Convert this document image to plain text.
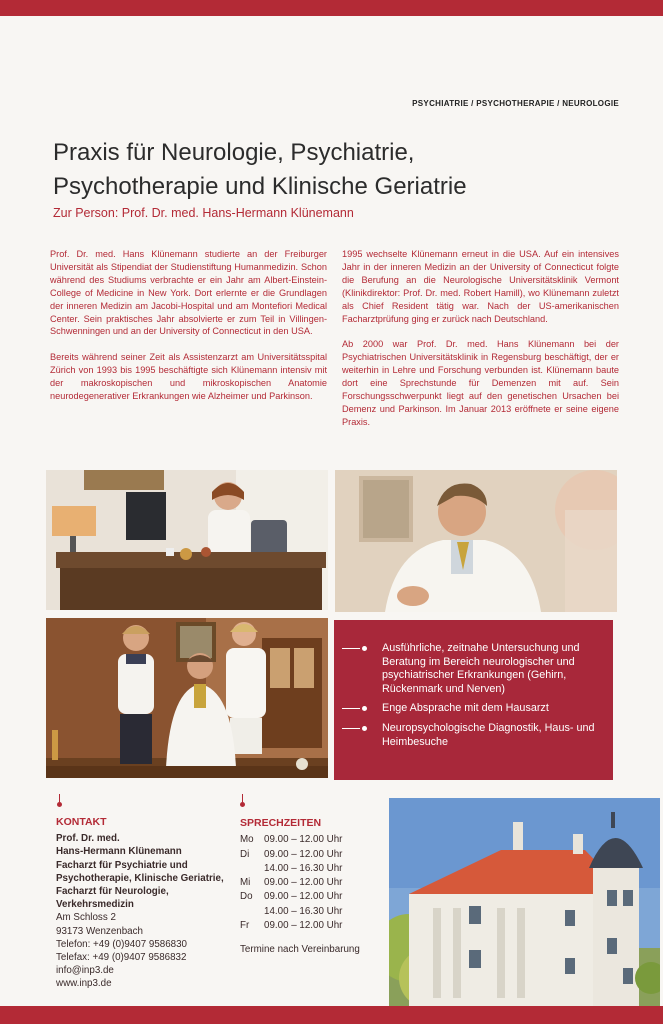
PSYCHIATRIE / PSYCHOTHERAPIE / NEUROLOGIE
Praxis für Neurologie, Psychiatrie,
Psychotherapie und Klinische Geriatrie
Zur Person: Prof. Dr. med. Hans-Hermann Klünemann

Prof. Dr. med. Hans Klünemann studierte an der Freiburger Universität als Stipendiat der Studienstiftung Humanmedizin. Schon während des Studiums verbrachte er ein Jahr am Albert-Einstein-College of Medicine in New York. Dort erlernte er die Grundlagen der inneren Medizin am Jacobi-Hospital und am Montefiori Medical Center. Sein praktisches Jahr absolvierte er zum Teil in Villingen-Schwenningen und an der University of Connecticut in den USA.

Bereits während seiner Zeit als Assistenzarzt am Universitätsspital Zürich von 1993 bis 1995 beschäftigte sich Klünemann intensiv mit der makroskopischen und mikroskopischen Anatomie neurodegenerativer Erkrankungen wie Alzheimer und Parkinson.

1995 wechselte Klünemann erneut in die USA. Auf ein intensives Jahr in der inneren Medizin an der University of Connecticut folgte die Berufung an die Neurologische Universitätsklinik Vermont (Klinikdirektor: Prof. Dr. med. Robert Hamill), wo Klünemann zuletzt als Chief Resident tätig war. Nach der US-amerikanischen Facharztprüfung ging er zurück nach Deutschland.

Ab 2000 war Prof. Dr. med. Hans Klünemann bei der Psychiatrischen Universitätsklinik in Regensburg beschäftigt, der er weiterhin in Lehre und Forschung verbunden ist. Klünemann baute dort eine Sprechstunde für Demenzen mit auf. Sein Forschungsschwerpunkt liegt auf den genetischen Ursachen bei Demenz und Parkinson. Im Januar 2013 eröffnete er seine eigene Praxis.

Ausführliche, zeitnahe Untersuchung und Beratung im Bereich neurologischer und psychiatrischer Erkrankungen (Gehirn, Rückenmark und Nerven)
Enge Absprache mit dem Hausarzt
Neuropsychologische Diagnostik, Haus- und Heimbesuche
KONTAKT
Prof. Dr. med.
Hans-Hermann Klünemann
Facharzt für Psychiatrie und
Psychotherapie, Klinische Geriatrie, Facharzt für Neurologie,
Verkehrsmedizin
Am Schloss 2
93173 Wenzenbach
Telefon: +49 (0)9407 9586830
Telefax: +49 (0)9407 9586832
info@inp3.de
www.inp3.de
SPRECHZEITEN
Mo	09.00 – 12.00 Uhr
Di	09.00 – 12.00 Uhr
	14.00 – 16.30 Uhr
Mi	09.00 – 12.00 Uhr
Do	09.00 – 12.00 Uhr
	14.00 – 16.30 Uhr
Fr	09.00 – 12.00 Uhr
Termine nach Vereinbarung
